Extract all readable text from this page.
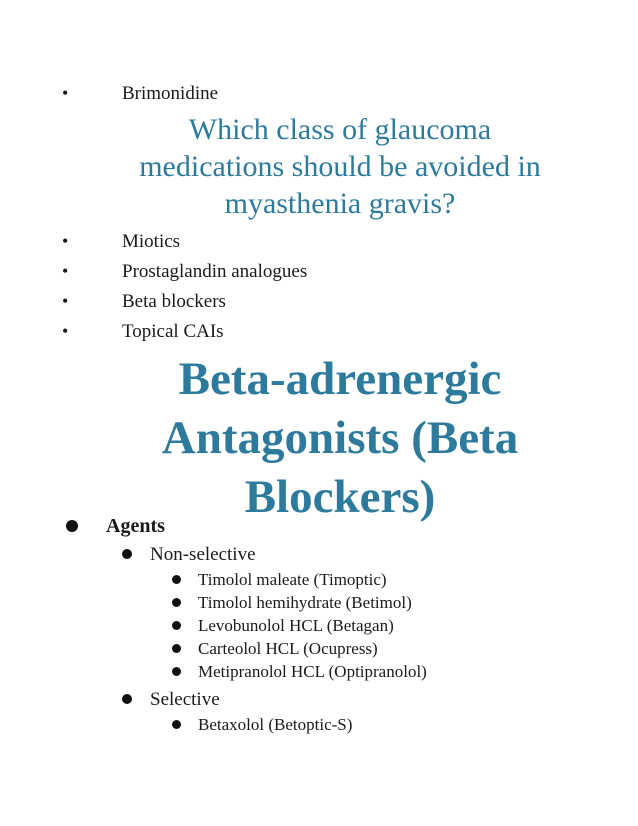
•	Brimonidine
Which class of glaucoma
medications should be avoided in
myasthenia gravis?
•	Miotics
•	Prostaglandin analogues
•	Beta blockers
•	Topical CAIs
Beta-adrenergic
Antagonists (Beta
Blockers)
Agents
Non-selective
Timolol maleate (Timoptic)
Timolol hemihydrate (Betimol)
Levobunolol HCL (Betagan)
Carteolol HCL (Ocupress)
Metipranolol HCL (Optipranolol)
Selective
Betaxolol (Betoptic-S)
